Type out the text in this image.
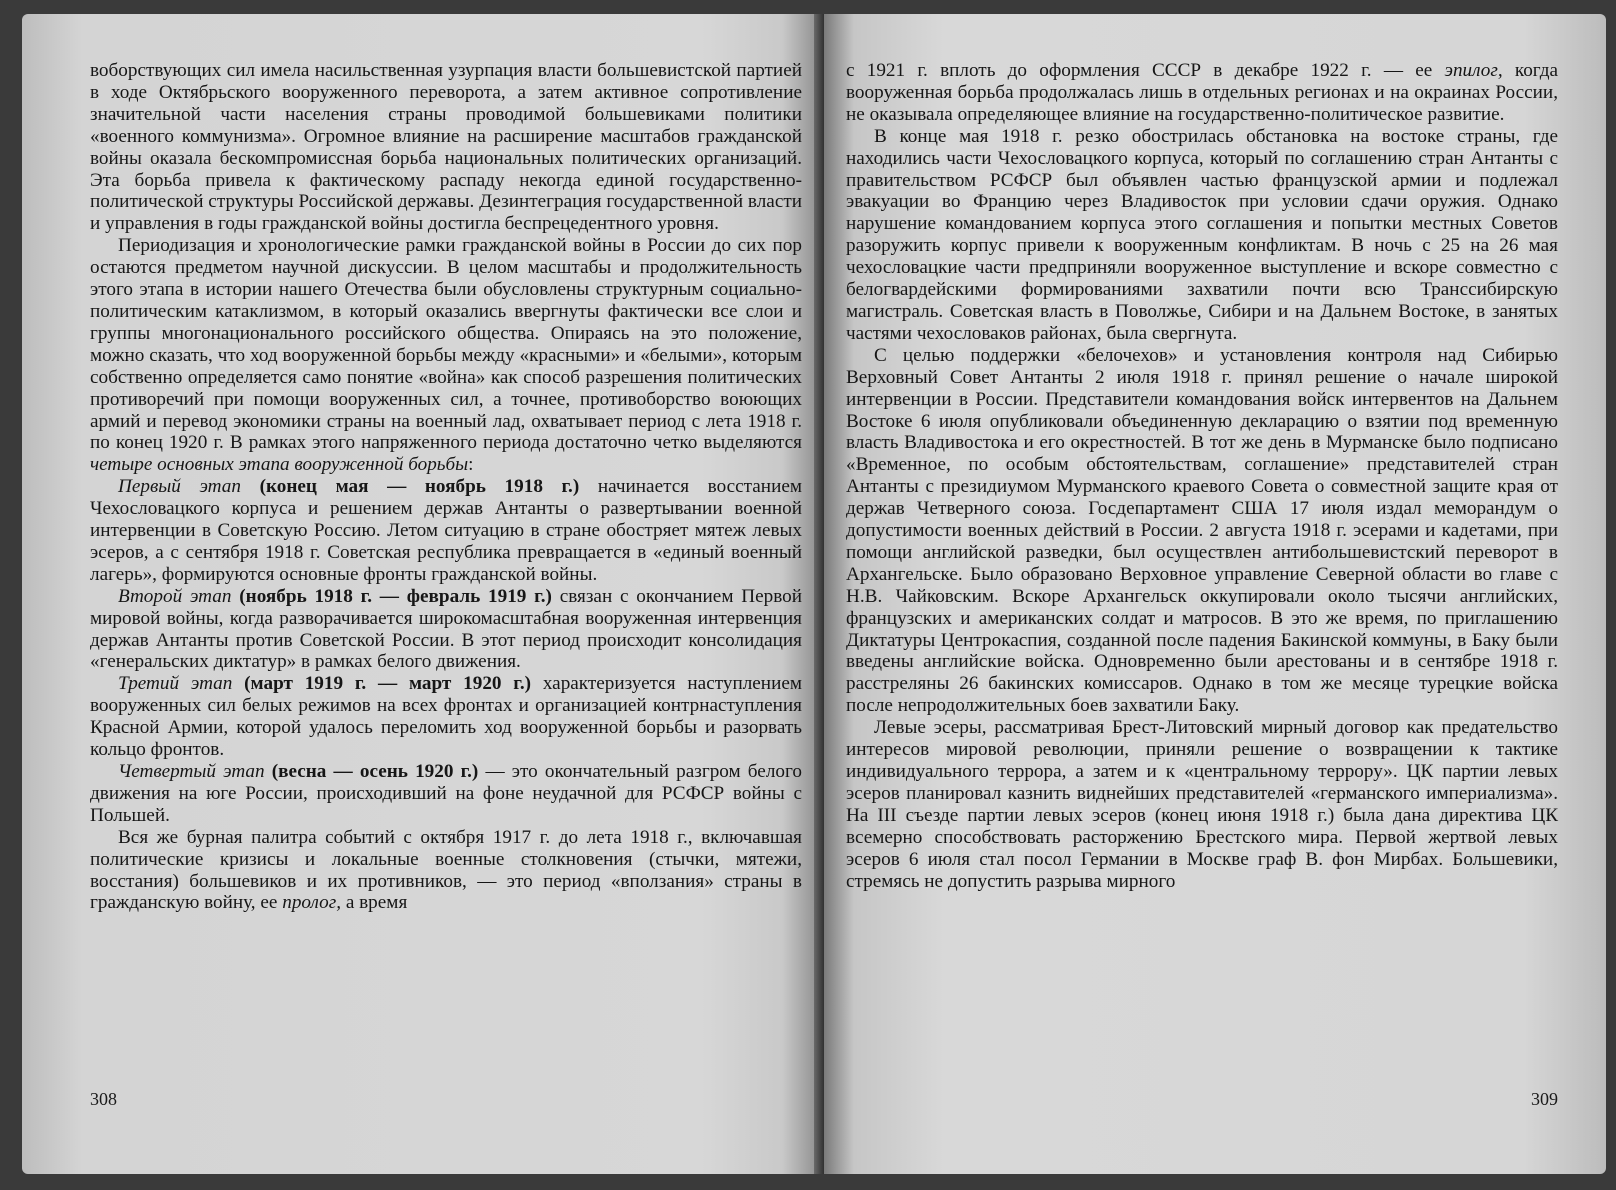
воборствующих сил имела насильственная узурпация власти большевистской партией в ходе Октябрьского вооруженного переворота, а затем активное сопротивление значительной части населения страны проводимой большевиками политики «военного коммунизма». Огромное влияние на расширение масштабов гражданской войны оказала бескомпромиссная борьба национальных политических организаций. Эта борьба привела к фактическому распаду некогда единой государственно-политической структуры Российской державы. Дезинтеграция государственной власти и управления в годы гражданской войны достигла беспрецедентного уровня.

Периодизация и хронологические рамки гражданской войны в России до сих пор остаются предметом научной дискуссии. В целом масштабы и продолжительность этого этапа в истории нашего Отечества были обусловлены структурным социально-политическим катаклизмом, в который оказались ввергнуты фактически все слои и группы многонационального российского общества. Опираясь на это положение, можно сказать, что ход вооруженной борьбы между «красными» и «белыми», которым собственно определяется само понятие «война» как способ разрешения политических противоречий при помощи вооруженных сил, а точнее, противоборство воюющих армий и перевод экономики страны на военный лад, охватывает период с лета 1918 г. по конец 1920 г. В рамках этого напряженного периода достаточно четко выделяются четыре основных этапа вооруженной борьбы:

Первый этап (конец мая — ноябрь 1918 г.) начинается восстанием Чехословацкого корпуса и решением держав Антанты о развертывании военной интервенции в Советскую Россию. Летом ситуацию в стране обостряет мятеж левых эсеров, а с сентября 1918 г. Советская республика превращается в «единый военный лагерь», формируются основные фронты гражданской войны.

Второй этап (ноябрь 1918 г. — февраль 1919 г.) связан с окончанием Первой мировой войны, когда разворачивается широкомасштабная вооруженная интервенция держав Антанты против Советской России. В этот период происходит консолидация «генеральских диктатур» в рамках белого движения.

Третий этап (март 1919 г. — март 1920 г.) характеризуется наступлением вооруженных сил белых режимов на всех фронтах и организацией контрнаступления Красной Армии, которой удалось переломить ход вооруженной борьбы и разорвать кольцо фронтов.

Четвертый этап (весна — осень 1920 г.) — это окончательный разгром белого движения на юге России, происходивший на фоне неудачной для РСФСР войны с Польшей.

Вся же бурная палитра событий с октября 1917 г. до лета 1918 г., включавшая политические кризисы и локальные военные столкновения (стычки, мятежи, восстания) большевиков и их противников, — это период «вползания» страны в гражданскую войну, ее пролог, а время

308

с 1921 г. вплоть до оформления СССР в декабре 1922 г. — ее эпилог, когда вооруженная борьба продолжалась лишь в отдельных регионах и на окраинах России, не оказывала определяющее влияние на государственно-политическое развитие.

В конце мая 1918 г. резко обострилась обстановка на востоке страны, где находились части Чехословацкого корпуса, который по соглашению стран Антанты с правительством РСФСР был объявлен частью французской армии и подлежал эвакуации во Францию через Владивосток при условии сдачи оружия. Однако нарушение командованием корпуса этого соглашения и попытки местных Советов разоружить корпус привели к вооруженным конфликтам. В ночь с 25 на 26 мая чехословацкие части предприняли вооруженное выступление и вскоре совместно с белогвардейскими формированиями захватили почти всю Транссибирскую магистраль. Советская власть в Поволжье, Сибири и на Дальнем Востоке, в занятых частями чехословаков районах, была свергнута.

С целью поддержки «белочехов» и установления контроля над Сибирью Верховный Совет Антанты 2 июля 1918 г. принял решение о начале широкой интервенции в России. Представители командования войск интервентов на Дальнем Востоке 6 июля опубликовали объединенную декларацию о взятии под временную власть Владивостока и его окрестностей. В тот же день в Мурманске было подписано «Временное, по особым обстоятельствам, соглашение» представителей стран Антанты с президиумом Мурманского краевого Совета о совместной защите края от держав Четверного союза. Госдепартамент США 17 июля издал меморандум о допустимости военных действий в России. 2 августа 1918 г. эсерами и кадетами, при помощи английской разведки, был осуществлен антибольшевистский переворот в Архангельске. Было образовано Верховное управление Северной области во главе с Н.В. Чайковским. Вскоре Архангельск оккупировали около тысячи английских, французских и американских солдат и матросов. В это же время, по приглашению Диктатуры Центрокаспия, созданной после падения Бакинской коммуны, в Баку были введены английские войска. Одновременно были арестованы и в сентябре 1918 г. расстреляны 26 бакинских комиссаров. Однако в том же месяце турецкие войска после непродолжительных боев захватили Баку.

Левые эсеры, рассматривая Брест-Литовский мирный договор как предательство интересов мировой революции, приняли решение о возвращении к тактике индивидуального террора, а затем и к «центральному террору». ЦК партии левых эсеров планировал казнить виднейших представителей «германского империализма». На III съезде партии левых эсеров (конец июня 1918 г.) была дана директива ЦК всемерно способствовать расторжению Брестского мира. Первой жертвой левых эсеров 6 июля стал посол Германии в Москве граф В. фон Мирбах. Большевики, стремясь не допустить разрыва мирного

309
